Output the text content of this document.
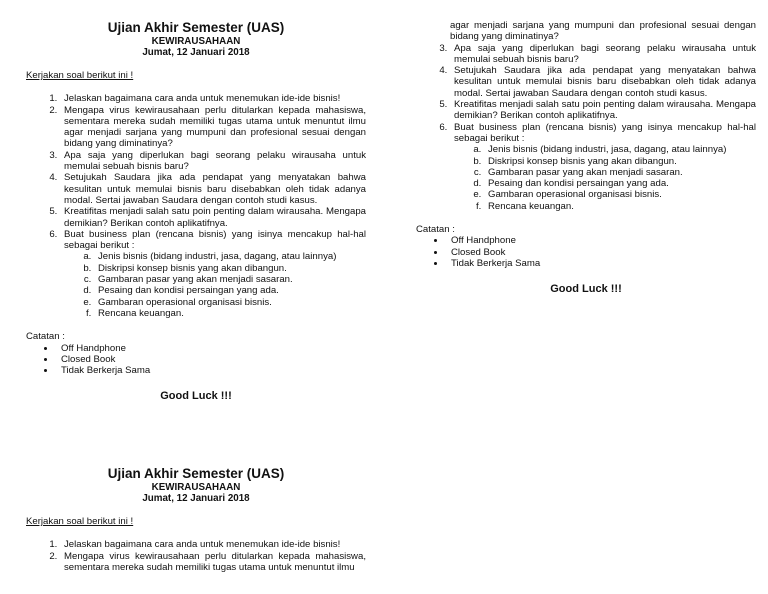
Ujian Akhir Semester (UAS)
KEWIRAUSAHAAN
Jumat, 12 Januari 2018
Kerjakan soal berikut ini !
1. Jelaskan bagaimana cara anda untuk menemukan ide-ide bisnis!
2. Mengapa virus kewirausahaan perlu ditularkan kepada mahasiswa, sementara mereka sudah memiliki tugas utama untuk menuntut ilmu agar menjadi sarjana yang mumpuni dan profesional sesuai dengan bidang yang diminatinya?
3. Apa saja yang diperlukan bagi seorang pelaku wirausaha untuk memulai sebuah bisnis baru?
4. Setujukah Saudara jika ada pendapat yang menyatakan bahwa kesulitan untuk memulai bisnis baru disebabkan oleh tidak adanya modal. Sertai jawaban Saudara dengan contoh studi kasus.
5. Kreatifitas menjadi salah satu poin penting dalam wirausaha. Mengapa demikian? Berikan contoh aplikatifnya.
6. Buat business plan (rencana bisnis) yang isinya mencakup hal-hal sebagai berikut :
a. Jenis bisnis (bidang industri, jasa, dagang, atau lainnya)
b. Diskripsi konsep bisnis yang akan dibangun.
c. Gambaran pasar yang akan menjadi sasaran.
d. Pesaing dan kondisi persaingan yang ada.
e. Gambaran operasional organisasi bisnis.
f. Rencana keuangan.
Catatan :
• Off Handphone
• Closed Book
• Tidak Berkerja Sama
Good Luck !!!
agar menjadi sarjana yang mumpuni dan profesional sesuai dengan bidang yang diminatinya?
3. Apa saja yang diperlukan bagi seorang pelaku wirausaha untuk memulai sebuah bisnis baru?
4. Setujukah Saudara jika ada pendapat yang menyatakan bahwa kesulitan untuk memulai bisnis baru disebabkan oleh tidak adanya modal. Sertai jawaban Saudara dengan contoh studi kasus.
5. Kreatifitas menjadi salah satu poin penting dalam wirausaha. Mengapa demikian? Berikan contoh aplikatifnya.
6. Buat business plan (rencana bisnis) yang isinya mencakup hal-hal sebagai berikut :
a. Jenis bisnis (bidang industri, jasa, dagang, atau lainnya)
b. Diskripsi konsep bisnis yang akan dibangun.
c. Gambaran pasar yang akan menjadi sasaran.
d. Pesaing dan kondisi persaingan yang ada.
e. Gambaran operasional organisasi bisnis.
f. Rencana keuangan.
Catatan :
• Off Handphone
• Closed Book
• Tidak Berkerja Sama
Good Luck !!!
Ujian Akhir Semester (UAS)
KEWIRAUSAHAAN
Jumat, 12 Januari 2018
Kerjakan soal berikut ini !
1. Jelaskan bagaimana cara anda untuk menemukan ide-ide bisnis!
2. Mengapa virus kewirausahaan perlu ditularkan kepada mahasiswa, sementara mereka sudah memiliki tugas utama untuk menuntut ilmu
